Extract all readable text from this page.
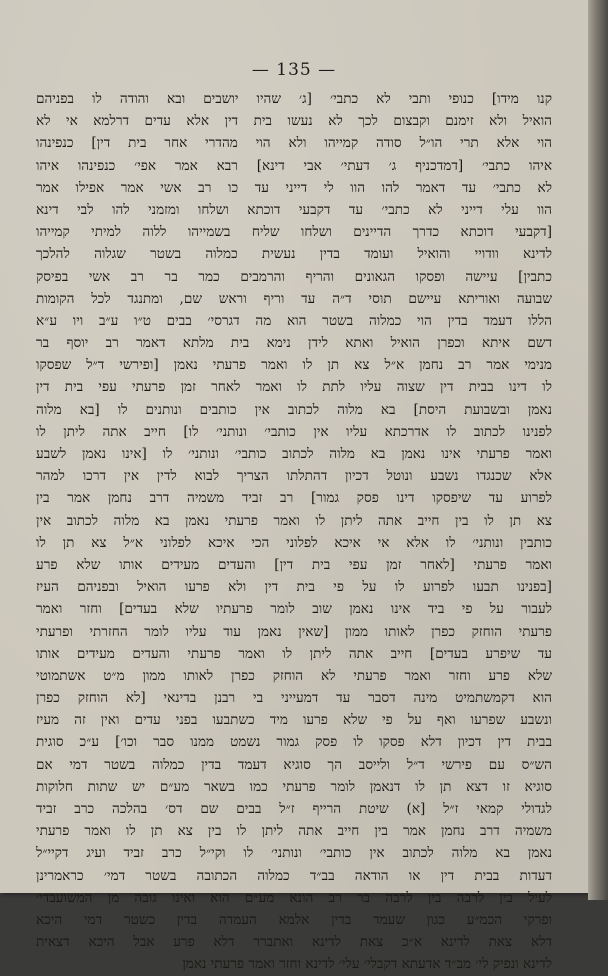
— 135 —
קנו מידו] כנופי ותבי לא כתבי׳ [ג׳ שהיו יושבים ובא והודה לו בפניהם
הואיל ולא זימנם וקבצום לכך לא נעשו בית דין אלא עדים דרלמא אי לא
הוי אלא תרי הו״ל סודה קמייהו ולא הוי מהדרי אחר בית דין] כנפינהו
איהו כתבי׳ [דמדכניף ג׳ דעתי׳ אבי דינא] רבא אמר אפי׳ כנפינהו איהו
לא כתבי׳ עד דאמר להו הוו לי דייני עד כו רב אשי אמר אפילו אמר
הוו עלי דייני לא כתבי׳ עד דקבעי דוכתא ושלחו ומזמני להו לבי דינא
[דקבעי דוכתא כדרך הדיינים ושלחו שליח בשמייהו ללוה למיתי קמייהו
לדינא וודויי והואיל ועומד בדין נעשית כמלוה בשטר שגלוה להלכך
כתבין] עיישה ופסקו הגאונים והריף והרמבים כמר בר רב אשי בפיסק
שבועה ואוריתא עיישם תוסי ד״ה עד וריף וראש שם, ומתנגד לכל הקומות
הללו דעמד בדין הוי כמלוה בשטר הוא מה דגרסי׳ בבים ט״ו ע״ב ויו ע״א
דשם איתא וכפרן הואיל ואתא לידן נימא בית מלתא דאמר רב יוסף בר
מנימי אמר רב נחמן א״ל צא תן לו ואמר פרעתי נאמן [ופירשי ד״ל שפסקו
לו דינו בבית דין שצוה עליו לתת לו ואמר לאחר זמן פרעתי עפי בית דין
נאמן ובשבועת היסת] בא מלוה לכתוב אין כותבים ונותנים לו [בא מלוה
לפנינו לכתוב לו אדרכתא עליו אין כותבי׳ ונותני׳ לו] חייב אתה ליתן לו
ואמר פרעתי אינו נאמן בא מלוה לכתוב כותבי׳ ונותני׳ לו [אינו נאמן לשבע
אלא שכנגדו נשבע ונוטל דכיון דהתלתו הצריך לבוא לדין אין דרכו למהר
לפרוע עד שיפסקו דינו פסק גמור] רב זביד משמיה דרב נחמן אמר בין
צא תן לו בין חייב אתה ליתן לו ואמר פרעתי נאמן בא מלוה לכתוב אין
כותבין ונותני׳ לו אלא אי איכא לפלוני הכי איכא לפלוני א״ל צא תן לו
ואמר פרעתי [לאחר זמן עפי בית דין] והעדים מעידים אותו שלא פרע
[בפנינו תבעו לפרוע לו על פי בית דין ולא פרעו הואיל ובפניהם העיז
לעבור על פי ביד אינו נאמן שוב לומר פרעתיו שלא בעדים] וחזר ואמר
פרעתי הוחזק כפרן לאותו ממון [שאין נאמן עוד עליו לומר החזרתי ופרעתי
עד שיפרע בעדים] חייב אתה ליתן לו ואמר פרעתי והעדים מעידים אותו
שלא פרע וחזר ואמר פרעתי לא הוחזק כפרן לאותו ממון מ״ט אשתמוטי
הוא דקמשתמיט מינה דסבר עד דמעייני בי רבנן בדינאי [לא הוחזק כפרן
ונשבע שפרעו ואף על פי שלא פרעו מיד כשתבעו בפני עדים ואין זה מעיז
בבית דין דכיון דלא פסקו לו פסק גמור נשמט ממנו סבר וכו׳] ע״כ סוגית
הש״ס עם פירשי ד״ל ולייסב הך סוגיא דעמד בדין כמלוה בשטר דמי אם
סוגיא זו דצא תן לו דנאמן לומר פרעתי כמו בשאר מע״ם יש שתות חלוקות
לגדולי קמאי ז״ל [א) שיטת הרייף ז״ל בבים שם דס׳ בהלכה כרב זביד
משמיה דרב נחמן אמר בין חייב אתה ליתן לו בין צא תן לו ואמר פרעתי
נאמן בא מלוה לכתוב אין כותבי׳ ונותני׳ לו וקי״ל כרב זביד ועיג דקיי״ל
דעדות בבית דין או הודאה בב״ד כמלוה הכתובה בשטר דמי׳ כראמרינן
לעיל בין לרבה בין לרבה בר רב הונא מע״ם הוא ואינו גובה מן המשועבדי׳
ופרקי הכמ״ע כגון שעמד בדין אלמא העמדה בדין כשטר דמי היכא
דלא צאת לדינא א״כ צאת לדינא ואתברר דלא פרע אבל היכא דצאית
לדינא ונפיק לי׳ מב״ד אדעתא דקבלי׳ עלי׳ לדינא וחזר ואמר פרעתי נאמן
